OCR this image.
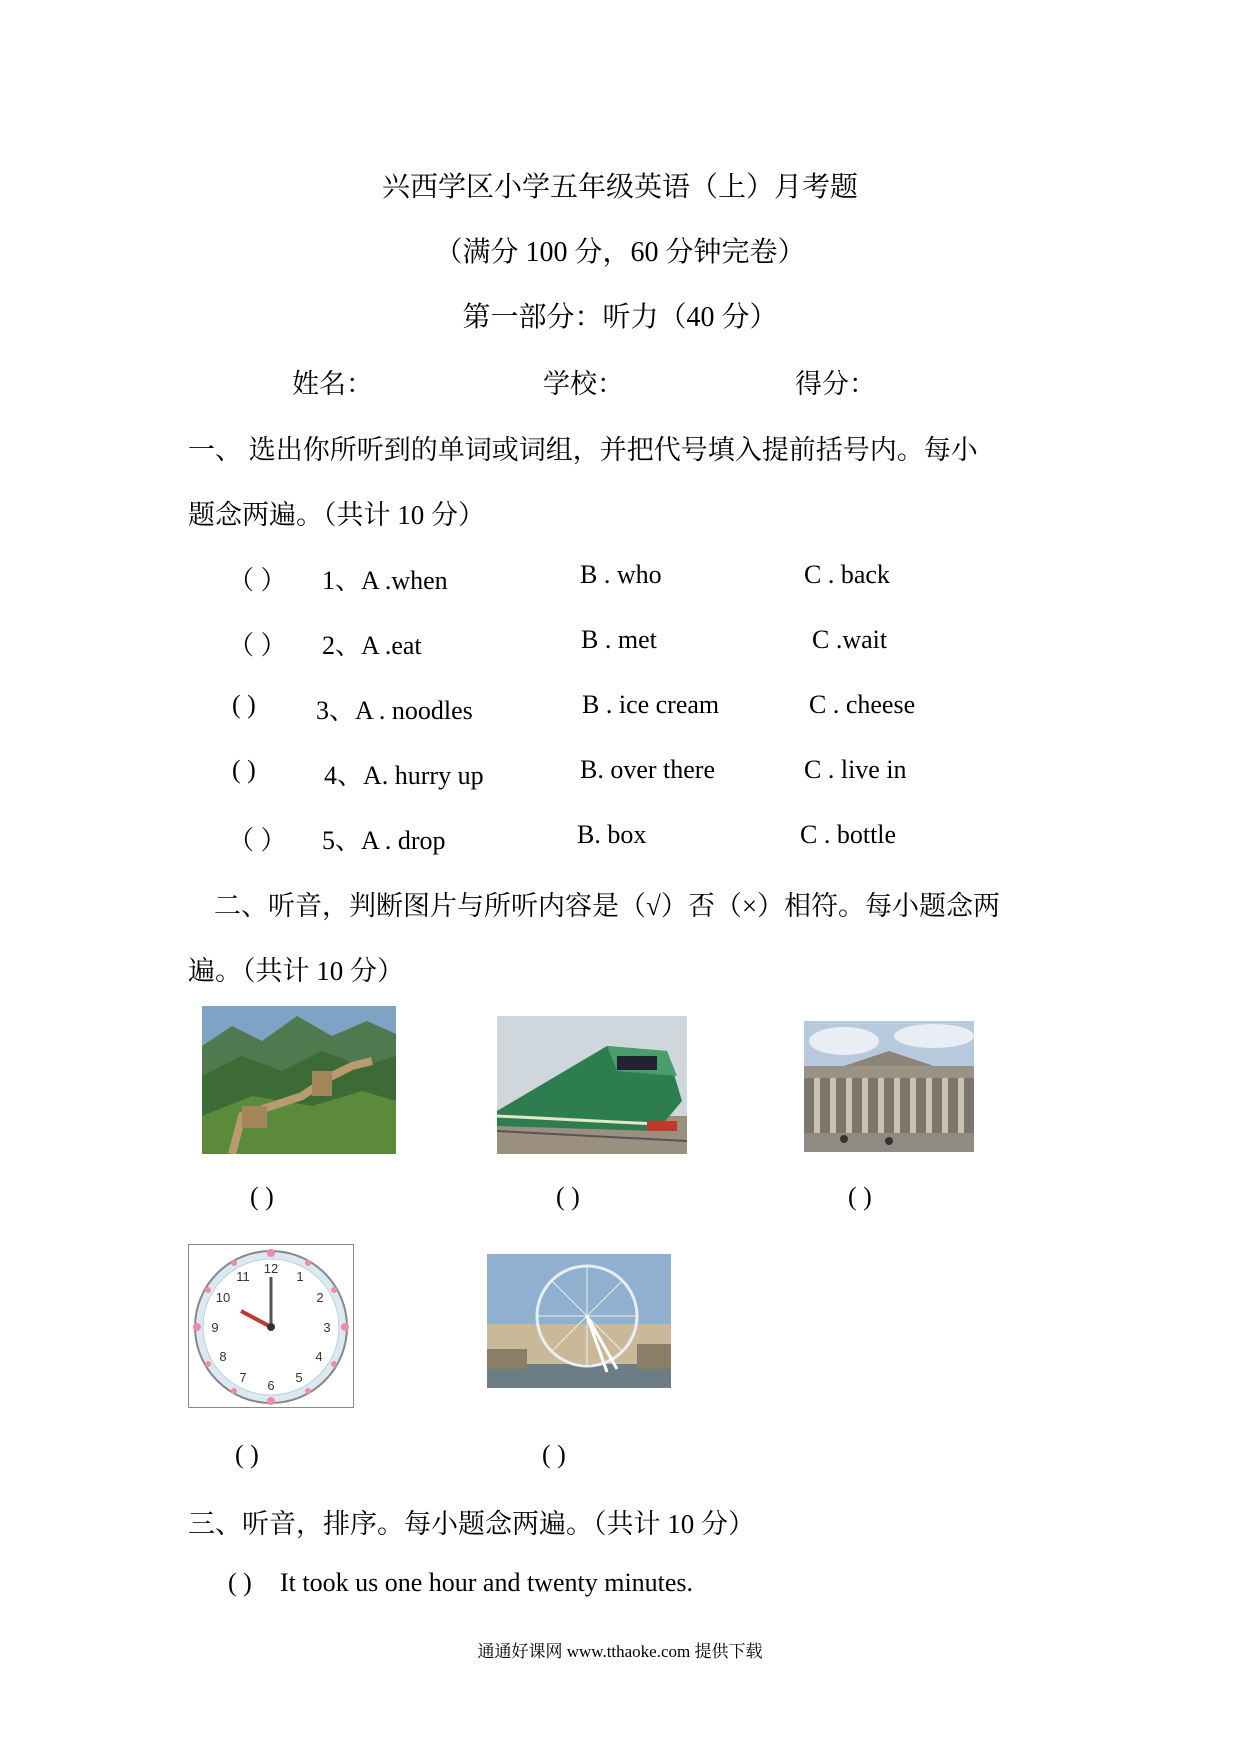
兴西学区小学五年级英语（上）月考题
（满分 100 分，60 分钟完卷）
第一部分：听力（40 分）
姓名：	学校：	得分：
一、 选出你所听到的单词或词组，并把代号填入提前括号内。每小
题念两遍。（共计 10 分）
（ ） 1、A .when	B . who	C . back
（ ） 2、A .eat	B . met	C .wait
( ) 3、A . noodles	B . ice cream	C . cheese
( )	4、A. hurry up	B. over there	C . live in
（ ） 5、A . drop	B. box	C . bottle
二、听音，判断图片与所听内容是（√）否（×）相符。每小题念两
遍。（共计 10 分）
( )	( )	( )
12
1
2
3
4
5
6
7
8
9
10
11
( )	( )
三、听音，排序。每小题念两遍。（共计 10 分）
( ) It took us one hour and twenty minutes.
通通好课网 www.tthaoke.com 提供下载
